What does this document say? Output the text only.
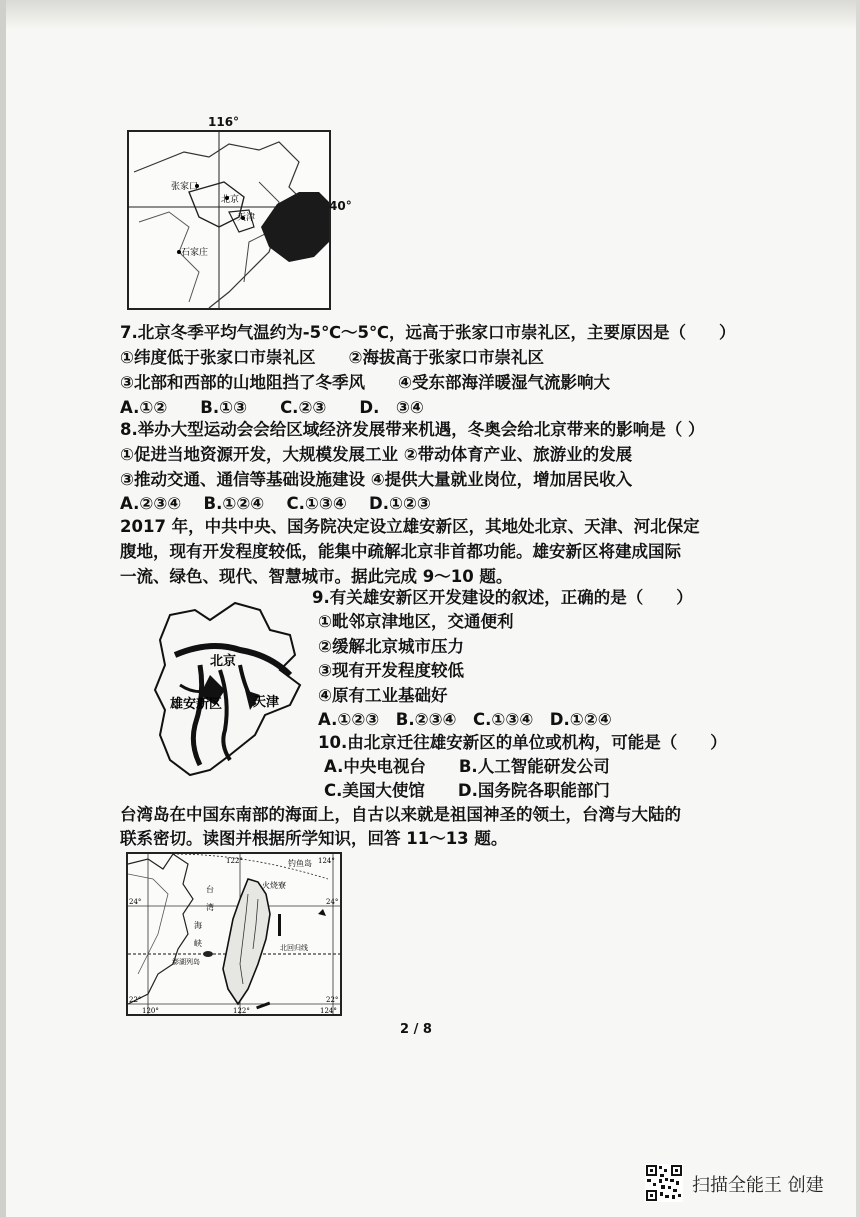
张家口
北京
天津
石家庄
116°
40°
7.北京冬季平均气温约为-5℃～5℃，远高于张家口市崇礼区，主要原因是（　　）
①纬度低于张家口市崇礼区　　②海拔高于张家口市崇礼区
③北部和西部的山地阻挡了冬季风　　④受东部海洋暖湿气流影响大
A.①②　　B.①③　　C.②③　　D.　③④
8.举办大型运动会会给区域经济发展带来机遇，冬奥会给北京带来的影响是（ ）
①促进当地资源开发，大规模发展工业 ②带动体育产业、旅游业的发展
③推动交通、通信等基础设施建设 ④提供大量就业岗位，增加居民收入
A.②③④　 B.①②④　 C.①③④　 D.①②③
2017 年，中共中央、国务院决定设立雄安新区，其地处北京、天津、河北保定
腹地，现有开发程度较低，能集中疏解北京非首都功能。雄安新区将建成国际
一流、绿色、现代、智慧城市。据此完成 9～10 题。
北京
雄安新区 天津
9.有关雄安新区开发建设的叙述，正确的是（　　）
①毗邻京津地区，交通便利
②缓解北京城市压力
③现有开发程度较低
④原有工业基础好
A.①②③　B.②③④　C.①③④　D.①②④
10.由北京迁往雄安新区的单位或机构，可能是（　　）
A.中央电视台　　B.人工智能研发公司
C.美国大使馆　　D.国务院各职能部门
台湾岛在中国东南部的海面上，自古以来就是祖国神圣的领土，台湾与大陆的
联系密切。读图并根据所学知识，回答 11～13 题。
122°	124°
120°	122°	124°
24°
22°
24°
22°
钓鱼岛
火烧寮
台
湾
海
峡
澎湖列岛
北回归线
2 / 8
扫描全能王 创建
